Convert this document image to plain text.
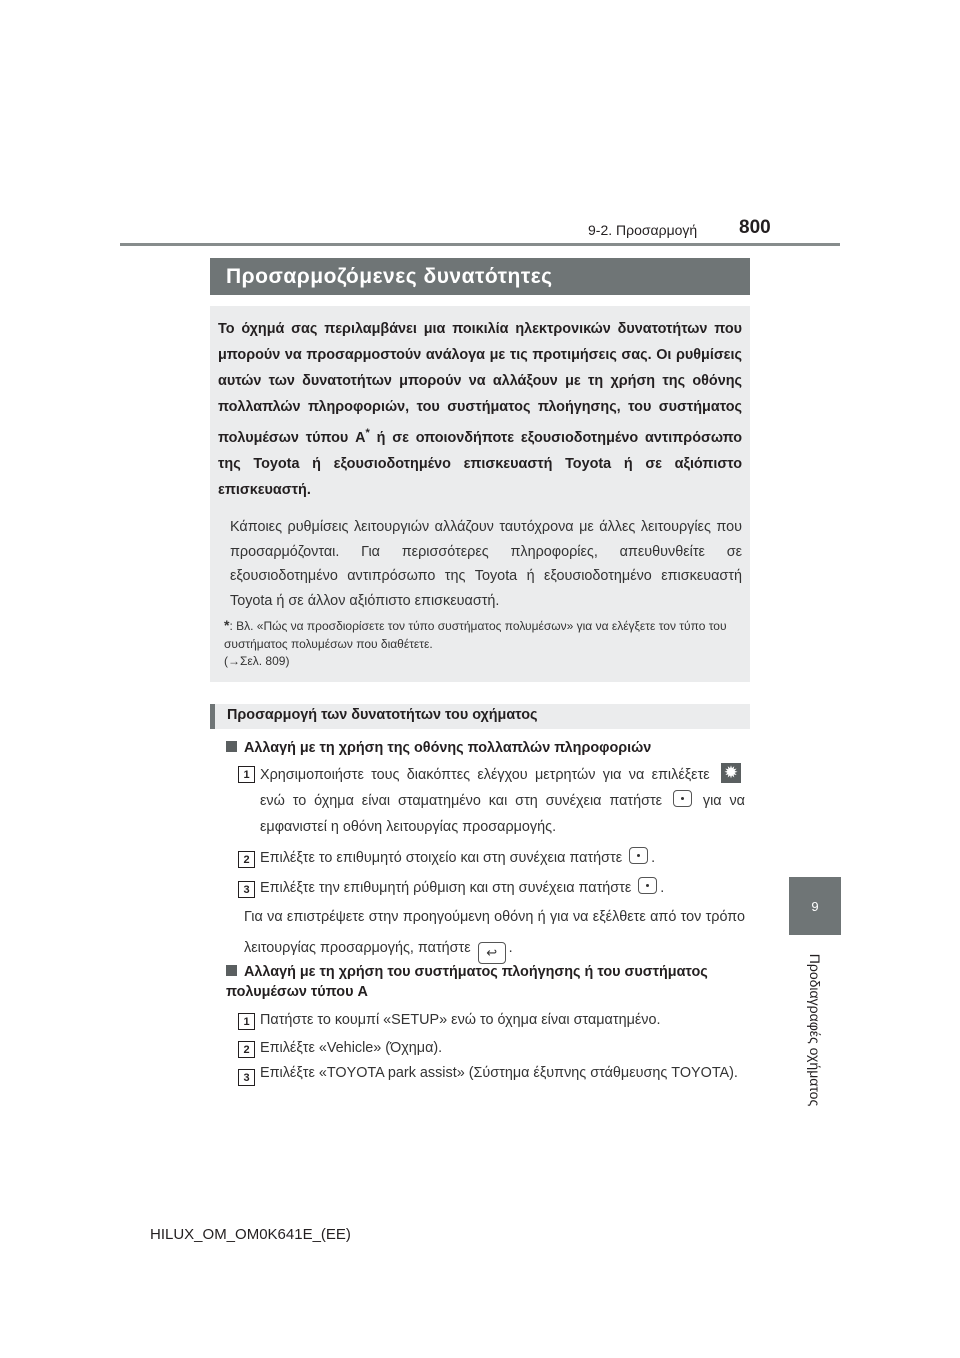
9-2. Προσαρμογή 800
9
Προδιαγραφές οχήματος
Προσαρμοζόμενες δυνατότητες
Το όχημά σας περιλαμβάνει μια ποικιλία ηλεκτρονικών δυνατοτήτων που μπορούν να προσαρμοστούν ανάλογα με τις προτιμήσεις σας. Οι ρυθμίσεις αυτών των δυνατοτήτων μπορούν να αλλάξουν με τη χρήση της οθόνης πολλαπλών πληροφοριών, του συστήματος πλοήγησης, του συστήματος πολυμέσων τύπου A* ή σε οποιονδήποτε εξουσιοδοτημένο αντιπρόσωπο της Toyota ή εξουσιοδοτημένο επισκευαστή Toyota ή σε αξιόπιστο επισκευαστή.
Κάποιες ρυθμίσεις λειτουργιών αλλάζουν ταυτόχρονα με άλλες λειτουργίες που προσαρμόζονται. Για περισσότερες πληροφορίες, απευθυνθείτε σε εξουσιοδοτημένο αντιπρόσωπο της Toyota ή εξουσιοδοτημένο επισκευαστή Toyota ή σε άλλον αξιόπιστο επισκευαστή.
*: Βλ. «Πώς να προσδιορίσετε τον τύπο συστήματος πολυμέσων» για να ελέγξετε τον τύπο του συστήματος πολυμέσων που διαθέτετε.
(→Σελ. 809)
Προσαρμογή των δυνατοτήτων του οχήματος
Αλλαγή με τη χρήση της οθόνης πολλαπλών πληροφοριών
1 Χρησιμοποιήστε τους διακόπτες ελέγχου μετρητών για να επιλέξετε ✹ ενώ το όχημα είναι σταματημένο και στη συνέχεια πατήστε	για να εμφανιστεί η οθόνη λειτουργίας προσαρμογής.
2 Επιλέξτε το επιθυμητό στοιχείο και στη συνέχεια πατήστε .
3 Επιλέξτε την επιθυμητή ρύθμιση και στη συνέχεια πατήστε .
Για να επιστρέψετε στην προηγούμενη οθόνη ή για να εξέλθετε από τον τρόπο λειτουργίας προσαρμογής, πατήστε ↩ .
Αλλαγή με τη χρήση του συστήματος πλοήγησης ή του συστήματος πολυμέσων τύπου A
1 Πατήστε το κουμπί «SETUP» ενώ το όχημα είναι σταματημένο.
2 Επιλέξτε «Vehicle» (Όχημα).
3 Επιλέξτε «TOYOTA park assist» (Σύστημα έξυπνης στάθμευσης TOYOTA).
HILUX_OM_OM0K641E_(EE)
